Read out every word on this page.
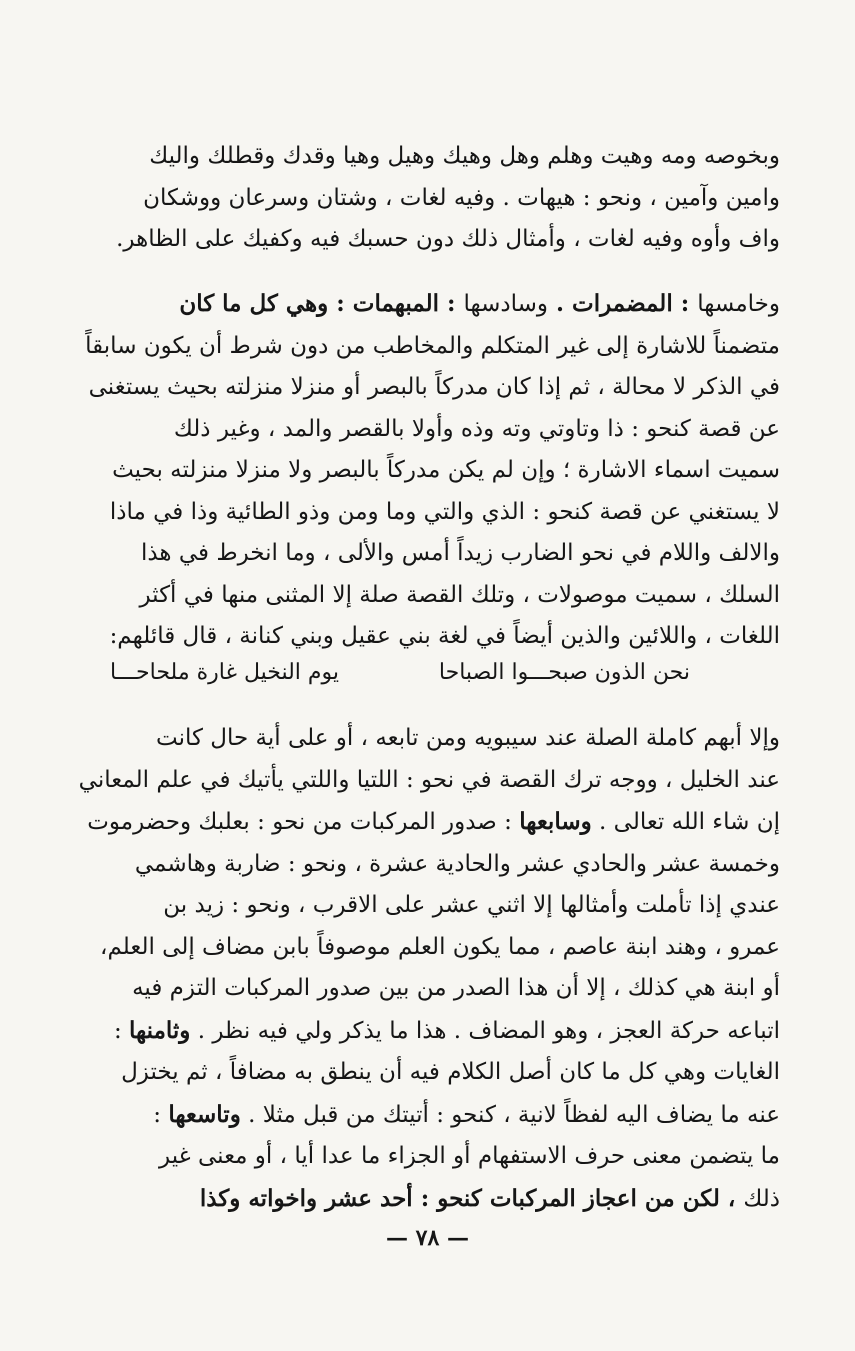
وبخوصه ومه وهيت وهلم وهل وهيك وهيل وهيا وقدك وقطلك واليك
وامين وآمين ، ونحو : هيهات . وفيه لغات ، وشتان وسرعان ووشكان
واف وأوه وفيه لغات ، وأمثال ذلك دون حسبك فيه وكفيك على الظاهر.
وخامسها : المضمرات . وسادسها : المبهمات : وهي كل ما كان
متضمناً للاشارة إلى غير المتكلم والمخاطب من دون شرط أن يكون سابقاً
في الذكر لا محالة ، ثم إذا كان مدركاً بالبصر أو منزلا منزلته بحيث يستغنى
عن قصة كنحو : ذا وتاوتي وته وذه وأولا بالقصر والمد ، وغير ذلك
سميت اسماء الاشارة ؛ وإن لم يكن مدركاً بالبصر ولا منزلا منزلته بحيث
لا يستغني عن قصة كنحو : الذي والتي وما ومن وذو الطائية وذا في ماذا
والالف واللام في نحو الضارب زيداً أمس والألى ، وما انخرط في هذا
السلك ، سميت موصولات ، وتلك القصة صلة إلا المثنى منها في أكثر
اللغات ، واللائين والذين أيضاً في لغة بني عقيل وبني كنانة ، قال قائلهم:
نحن الذون صبحـــوا الصباحا
يوم النخيل غارة ملحاحـــا
وإلا أبهم كاملة الصلة عند سيبويه ومن تابعه ، أو على أية حال كانت
عند الخليل ، ووجه ترك القصة في نحو : اللتيا واللتي يأتيك في علم المعاني
إن شاء الله تعالى . وسابعها : صدور المركبات من نحو : بعلبك وحضرموت
وخمسة عشر والحادي عشر والحادية عشرة ، ونحو : ضاربة وهاشمي
عندي إذا تأملت وأمثالها إلا اثني عشر على الاقرب ، ونحو : زيد بن
عمرو ، وهند ابنة عاصم ، مما يكون العلم موصوفاً بابن مضاف إلى العلم،
أو ابنة هي كذلك ، إلا أن هذا الصدر من بين صدور المركبات التزم فيه
اتباعه حركة العجز ، وهو المضاف . هذا ما يذكر ولي فيه نظر . وثامنها :
الغايات وهي كل ما كان أصل الكلام فيه أن ينطق به مضافاً ، ثم يختزل
عنه ما يضاف اليه لفظاً لانية ، كنحو : أتيتك من قبل مثلا . وتاسعها :
ما يتضمن معنى حرف الاستفهام أو الجزاء ما عدا أيا ، أو معنى غير
ذلك ، لكن من اعجاز المركبات كنحو : أحد عشر واخواته وكذا
— ٧٨ —
